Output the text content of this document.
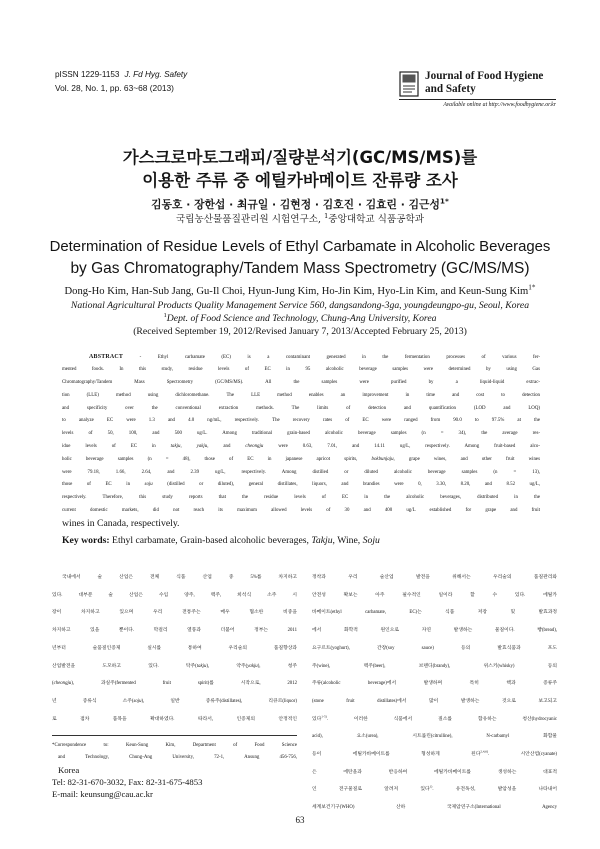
pISSN 1229-1153 J. Fd Hyg. Safety
Vol. 28, No. 1, pp. 63~68 (2013)
Journal of Food Hygiene
and Safety
Available online at http://www.foodhygiene.or.kr
가스크로마토그래피/질량분석기(GC/MS/MS)를
이용한 주류 중 에틸카바메이트 잔류량 조사
김동호 · 장한섭 · 최규일 · 김현정 · 김호진 · 김효린 · 김근성$^{1*}$
국립농산물품질관리원 시험연구소, $^1$중앙대학교 식품공학과
Determination of Residue Levels of Ethyl Carbamate in Alcoholic Beverages
by Gas Chromatography/Tandem Mass Spectrometry (GC/MS/MS)
Dong-Ho Kim, Han-Sub Jang, Gu-Il Choi, Hyun-Jung Kim, Ho-Jin Kim, Hyo-Lin Kim, and Keun-Sung Kim$^{1*}$
National Agricultural Products Quality Management Service 560, dangsandong-3ga, youngdeungpo-gu, Seoul, Korea
$^1$Dept. of Food Science and Technology, Chung-Ang University, Korea
(Received September 19, 2012/Revised January 7, 2013/Accepted February 25, 2013)
ABSTRACT - Ethyl carbamate (EC) is a contaminant generated in the fermentation processes of various fer-
mented foods. In this study, residue levels of EC in 95 alcoholic beverage samples were determined by using Gas
Chromatography/Tandem Mass Spectrometry (GC/MS/MS). All the samples were purified by a liquid-liquid extrac-
tion (LLE) method using dichloromethane. The LLE method enables an improvement in time and cost to detection
and specificity over the conventional extraction methods. The limits of detection and quantification (LOD and LOQ)
to analyze EC were 1.3 and 4.0 ng/mL, respectively. The recovery rates of EC were ranged from 90.0 to 97.5% at the
levels of 50, 100, and 500 ug/L. Among traditional grain-based alcoholic beverage samples (n = 34), the average res-
idue levels of EC in takju, yakju, and cheongju were 0.63, 7.01, and 14.11 ug/L, respectively. Among fruit-based alco-
holic beverage samples (n = 48), those of EC in japanese apricot spirits, bokbunjaju, grape wines, and other fruit wines
were 79.18, 1.66, 2.64, and 2.39 ug/L, respectively. Among distilled or diluted alcoholic beverage samples (n = 13),
those of EC in soju (distilled or diluted), general distillates, liquors, and brandies were 0, 3.30, 8.20, and 8.52 ug/L,
respectively. Therefore, this study reports that the residue levels of EC in the alcoholic beverages, distributed in the
current domestic markets, did not reach its maximum allowed levels of 30 and 400 ug/L established for grape and fruit
wines in Canada, respectively.
Key words: Ethyl carbamate, Grain-based alcoholic beverages, Takju, Wine, Soju
국내에서 술 산업은 전체 식품 산업 중 5%를 차지하고
있다. 대부분 술 산업은 수입 양주, 맥주, 희석식 소주 시
장이 차지하고 있으며 우리 전통주는 매우 협소한 비중을
차지하고 있을 뿐이다. 막걸리 열풍과 더불어 정부는 2011
년부터 술품질인증제 실시를 통하여 우리술의 품질향상과
산업발전을 도모하고 있다. 탁주(takju), 약주(yakju), 청주
(cheongju), 과실주(fermented fruit spirit)를 시작으로, 2012
년 증류식 소주(soju), 일반 증류주(distillates), 리큐르(liquor)
로 점차 품목을 확대하였다. 따라서, 인증제의 안정적인
정착과 우리 술산업 발전을 위해서는 우리술의 품질관리와
안전성 확보는 아주 필수적인 일이라 할 수 있다. 에틸카
바메이트(ethyl carbamate, EC)는 식품 저장 및 발효과정
에서 화학적 원인으로 자연 발생하는 물질이다. 빵(bread),
요구르트(yoghurt), 간장(soy sauce) 등의 발효식품과 포도
주(wine), 맥주(beer), 브랜디(brandy), 위스키(whisky) 등의
주류(alcoholic beverage)에서 발생하며 특히 핵과 증류주
(stone fruit distillates)에서 많이 발생하는 것으로 보고되고
있다$^{1-5)}$. 이러한 식품에서 질소를 함유하는 청산(hydrocyanic
acid), 요소(urea), 시트룰린(citrulline), N-carbamyl 화합물
등이 에틸카바메이트를 형성하게 된다$^{2,4,6)}$. 시안산염(cyanate)
은 에탄올과 반응하여 에틸카바메이트를 생성하는 대표적
인 전구물질로 알려져 있다$^{1)}$. 유전독성, 발암성을 나타내어
세계보건기구(WHO) 산하 국제암연구소(International Agency
*Correspondence to: Keun-Sung Kim, Department of Food Science
and Technology, Chung-Ang University, 72-1, Ansung 456-756,
Korea
Tel: 82-31-670-3032, Fax: 82-31-675-4853
E-mail: keunsung@cau.ac.kr
63
